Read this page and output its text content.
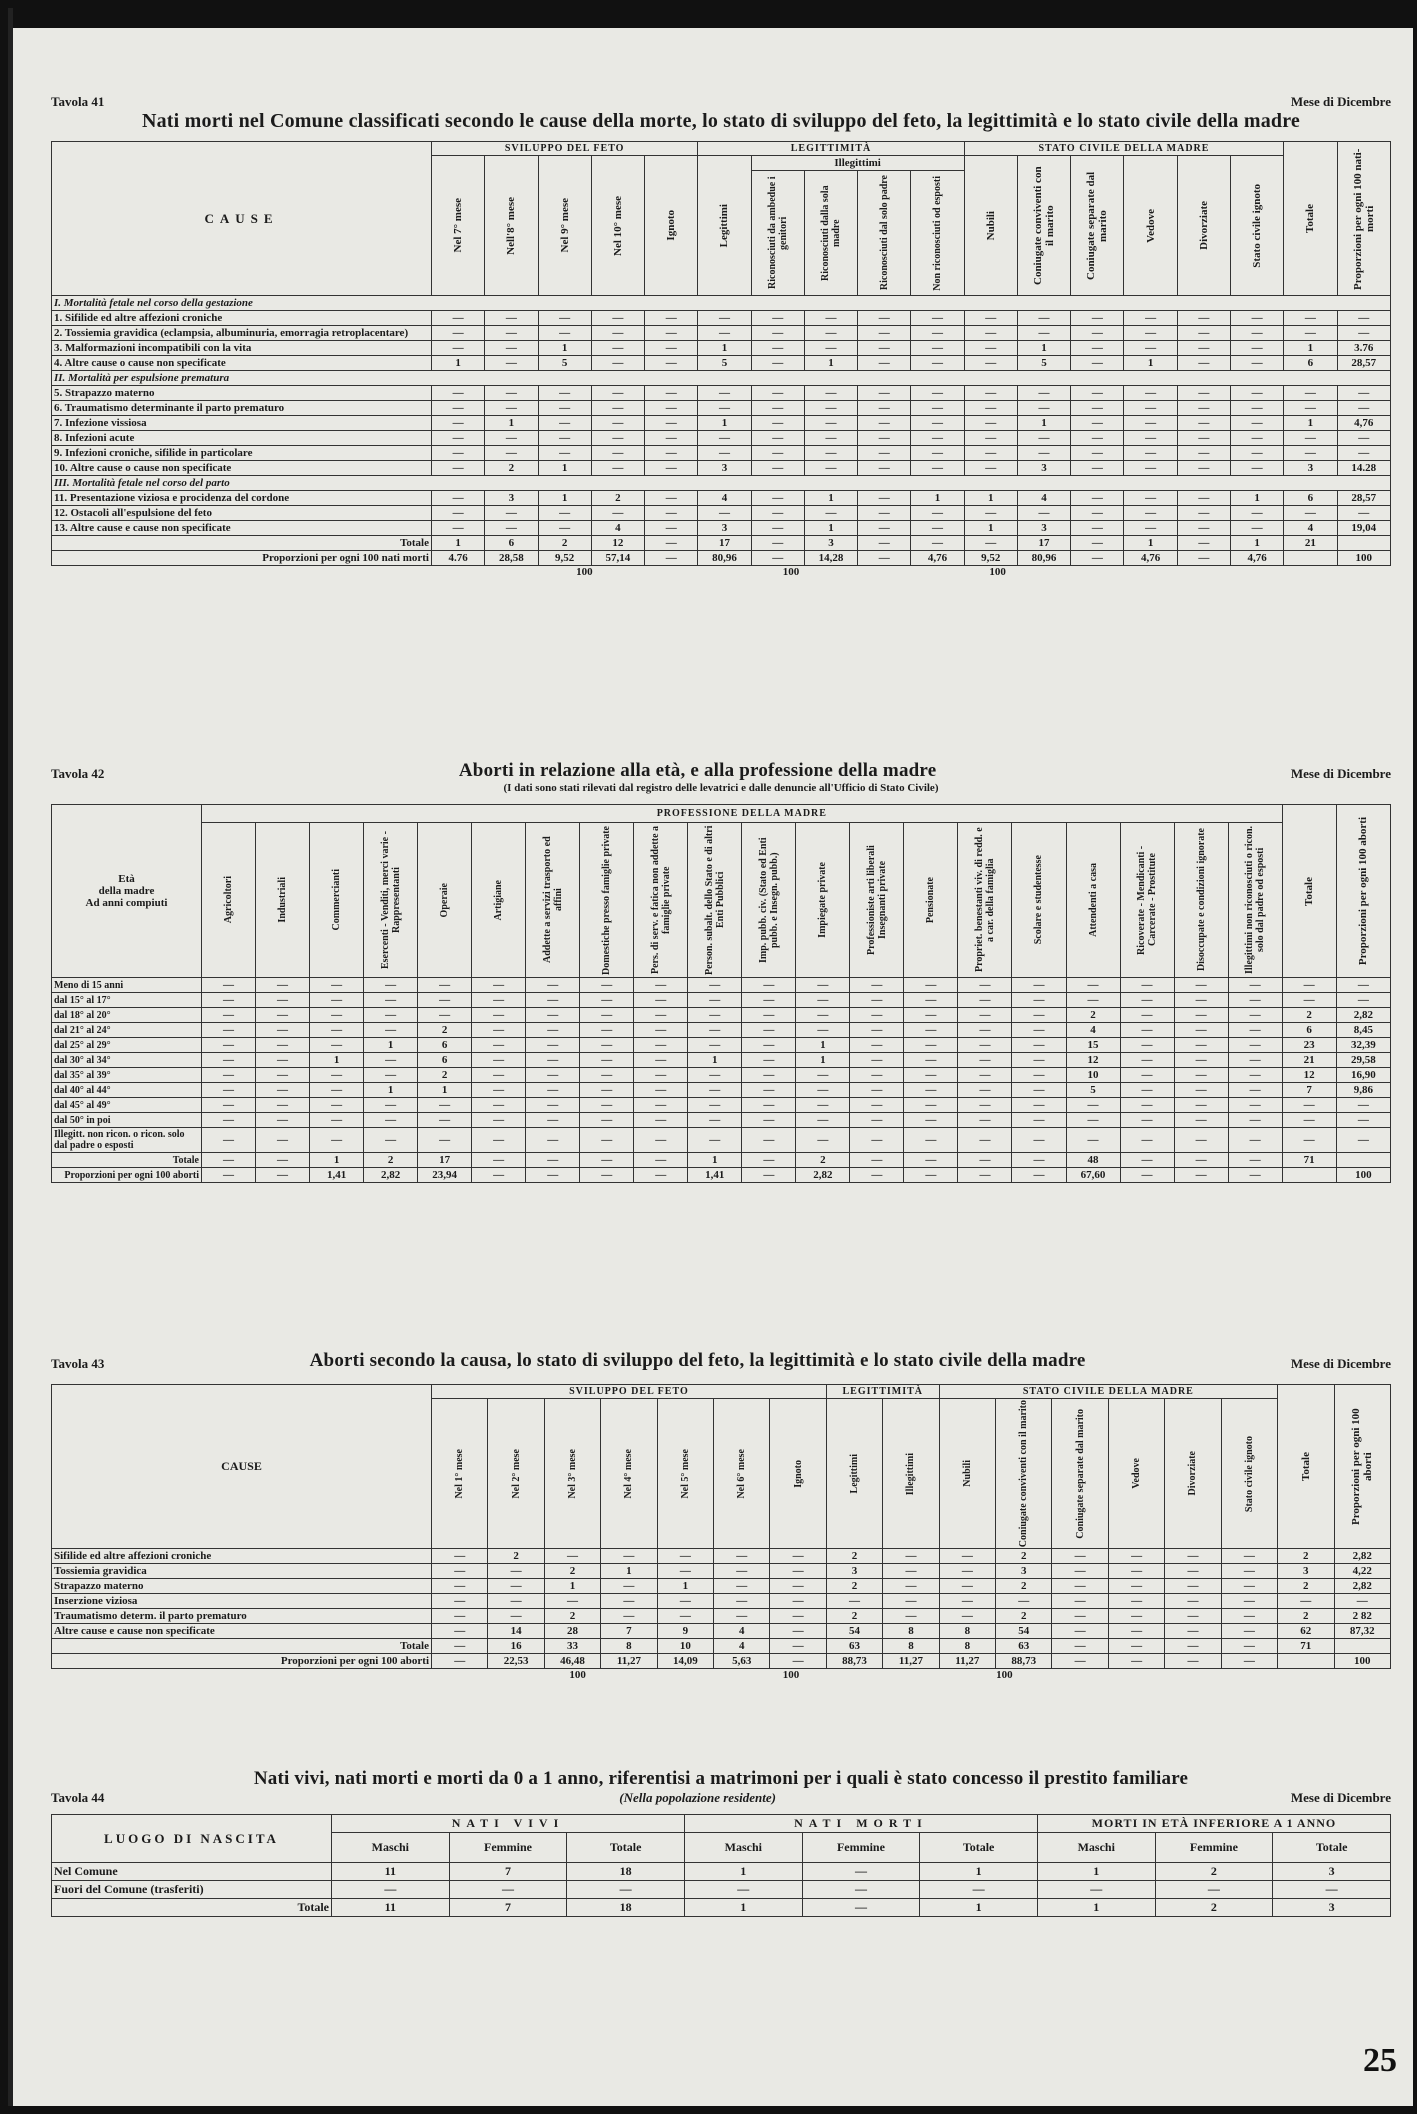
Tavola 41	Mese di Dicembre
Nati morti nel Comune classificati secondo le cause della morte, lo stato di sviluppo del feto, la legittimità e lo stato civile della madre
CAUSE	SVILUPPO DEL FETO					LEGITTIMITÀ					STATO CIVILE DELLA MADRE						Totale	Proporzioni per ogni 100 nati-morti

	Nel 7° mese	Nell'8° mese	Nel 9° mese	Nel 10° mese	Ignoto	Legittimi	Illegittimi				Nubili	Coniugate conviventi con il marito	Coniugate separate dal marito	Vedove	Divorziate	Stato civile ignoto		

							Riconosciuti da ambedue i genitori	Riconosciuti dalla sola madre	Riconosciuti dal solo padre	Non riconosciuti od esposti								

I. Mortalità fetale nel corso della gestazione																		
1. Sifilide ed altre affezioni croniche	—	—	—	—	—	—	—	—	—	—	—	—	—	—	—	—	—	—
2. Tossiemia gravidica (eclampsia, albuminuria, emorragia retroplacentare)	—	—	—	—	—	—	—	—	—	—	—	—	—	—	—	—	—	—
3. Malformazioni incompatibili con la vita	—	—	1	—	—	1	—	—	—	—	—	1	—	—	—	—	1	3.76
4. Altre cause o cause non specificate	1	—	5	—	—	5	—	1	—	—	—	5	—	1	—	—	6	28,57
II. Mortalità per espulsione prematura																		
5. Strapazzo materno	—	—	—	—	—	—	—	—	—	—	—	—	—	—	—	—	—	—
6. Traumatismo determinante il parto prematuro	—	—	—	—	—	—	—	—	—	—	—	—	—	—	—	—	—	—
7. Infezione vissiosa	—	1	—	—	—	1	—	—	—	—	—	1	—	—	—	—	1	4,76
8. Infezioni acute	—	—	—	—	—	—	—	—	—	—	—	—	—	—	—	—	—	—
9. Infezioni croniche, sifilide in particolare	—	—	—	—	—	—	—	—	—	—	—	—	—	—	—	—	—	—
10. Altre cause o cause non specificate	—	2	1	—	—	3	—	—	—	—	—	3	—	—	—	—	3	14.28
III. Mortalità fetale nel corso del parto																		
11. Presentazione viziosa e procidenza del cordone	—	3	1	2	—	4	—	1	—	1	1	4	—	—	—	1	6	28,57
12. Ostacoli all'espulsione del feto	—	—	—	—	—	—	—	—	—	—	—	—	—	—	—	—	—	—
13. Altre cause e cause non specificate	—	—	—	4	—	3	—	1	—	—	1	3	—	—	—	—	4	19,04
Totale	1	6	2	12	—	17	—	3	—	—	—	17	—	1	—	1	21	
Proporzioni per ogni 100 nati morti	4.76	28,58	9,52	57,14	—	80,96	—	14,28	—	4,76	9,52	80,96	—	4,76	—	4,76		100
100	100	100
Tavola 42	Aborti in relazione alla età, e alla professione della madre	Mese di Dicembre
(I dati sono stati rilevati dal registro delle levatrici e dalle denuncie all'Ufficio di Stato Civile)
Età
della madre
Ad anni compiuti	PROFESSIONE DELLA MADRE																				Totale	Proporzioni per ogni 100 aborti

	Agricoltori	Industriali	Commercianti	Esercenti - Venditi, merci varie - Rappresentanti	Operaie	Artigiane	Addette a servizi trasporto ed affini	Domestiche presso famiglie private	Pers. di serv. e fatica non addette a famiglie private	Person. subalt. dello Stato e di altri Enti Pubblici	Imp. pubb. civ. (Stato ed Enti pubb. e Insegn. pubb.)	Impiegate private	Professioniste arti liberali Insegnanti private	Pensionate	Propriet. benestanti viv. di redd. e a car. della famiglia	Scolare e studentesse	Attendenti a casa	Ricoverate - Mendicanti - Carcerate - Prostitute	Disoccupate e condizioni ignorate	Illegittimi non riconosciuti o ricon. solo dal padre od esposti		

Meno di 15 anni	—	—	—	—	—	—	—	—	—	—	—	—	—	—	—	—	—	—	—	—	—	—
dal 15° al 17°	—	—	—	—	—	—	—	—	—	—	—	—	—	—	—	—	—	—	—	—	—	—
dal 18° al 20°	—	—	—	—	—	—	—	—	—	—	—	—	—	—	—	—	2	—	—	—	2	2,82
dal 21° al 24°	—	—	—	—	2	—	—	—	—	—	—	—	—	—	—	—	4	—	—	—	6	8,45
dal 25° al 29°	—	—	—	1	6	—	—	—	—	—	—	1	—	—	—	—	15	—	—	—	23	32,39
dal 30° al 34°	—	—	1	—	6	—	—	—	—	1	—	1	—	—	—	—	12	—	—	—	21	29,58
dal 35° al 39°	—	—	—	—	2	—	—	—	—	—	—	—	—	—	—	—	10	—	—	—	12	16,90
dal 40° al 44°	—	—	—	1	1	—	—	—	—	—	—	—	—	—	—	—	5	—	—	—	7	9,86
dal 45° al 49°	—	—	—	—	—	—	—	—	—	—	—	—	—	—	—	—	—	—	—	—	—	—
dal 50° in poi	—	—	—	—	—	—	—	—	—	—	—	—	—	—	—	—	—	—	—	—	—	—
Illegitt. non ricon. o ricon. solo dal padre o esposti	—	—	—	—	—	—	—	—	—	—	—	—	—	—	—	—	—	—	—	—	—	—
Totale	—	—	1	2	17	—	—	—	—	1	—	2	—	—	—	—	48	—	—	—	71	
Proporzioni per ogni 100 aborti	—	—	1,41	2,82	23,94	—	—	—	—	1,41	—	2,82	—	—	—	—	67,60	—	—	—		100
Tavola 43	Aborti secondo la causa, lo stato di sviluppo del feto, la legittimità e lo stato civile della madre	Mese di Dicembre
CAUSE	SVILUPPO DEL FETO							LEGITTIMITÀ		STATO CIVILE DELLA MADRE						Totale	Proporzioni per ogni 100 aborti

	Nel 1° mese	Nel 2° mese	Nel 3° mese	Nel 4° mese	Nel 5° mese	Nel 6° mese	Ignoto	Legittimi	Illegittimi	Nubili	Coniugate conviventi con il marito	Coniugate separate dal marito	Vedove	Divorziate	Stato civile ignoto		

Sifilide ed altre affezioni croniche	—	2	—	—	—	—	—	2	—	—	2	—	—	—	—	2	2,82
Tossiemia gravidica	—	—	2	1	—	—	—	3	—	—	3	—	—	—	—	3	4,22
Strapazzo materno	—	—	1	—	1	—	—	2	—	—	2	—	—	—	—	2	2,82
Inserzione viziosa	—	—	—	—	—	—	—	—	—	—	—	—	—	—	—	—	—
Traumatismo determ. il parto prematuro	—	—	2	—	—	—	—	2	—	—	2	—	—	—	—	2	2 82
Altre cause e cause non specificate	—	14	28	7	9	4	—	54	8	8	54	—	—	—	—	62	87,32
Totale	—	16	33	8	10	4	—	63	8	8	63	—	—	—	—	71	
Proporzioni per ogni 100 aborti	—	22,53	46,48	11,27	14,09	5,63	—	88,73	11,27	11,27	88,73	—	—	—	—		100
100	100	100
Nati vivi, nati morti e morti da 0 a 1 anno, riferentisi a matrimoni per i quali è stato concesso il prestito familiare
Tavola 44	(Nella popolazione residente)	Mese di Dicembre
LUOGO DI NASCITA	NATI VIVI			NATI MORTI			MORTI IN ETÀ INFERIORE A 1 ANNO		
	Maschi	Femmine	Totale	Maschi	Femmine	Totale	Maschi	Femmine	Totale
Nel Comune	11	7	18	1	—	1	1	2	3
Fuori del Comune (trasferiti)	—	—	—	—	—	—	—	—	—
Totale	11	7	18	1	—	1	1	2	3
25
